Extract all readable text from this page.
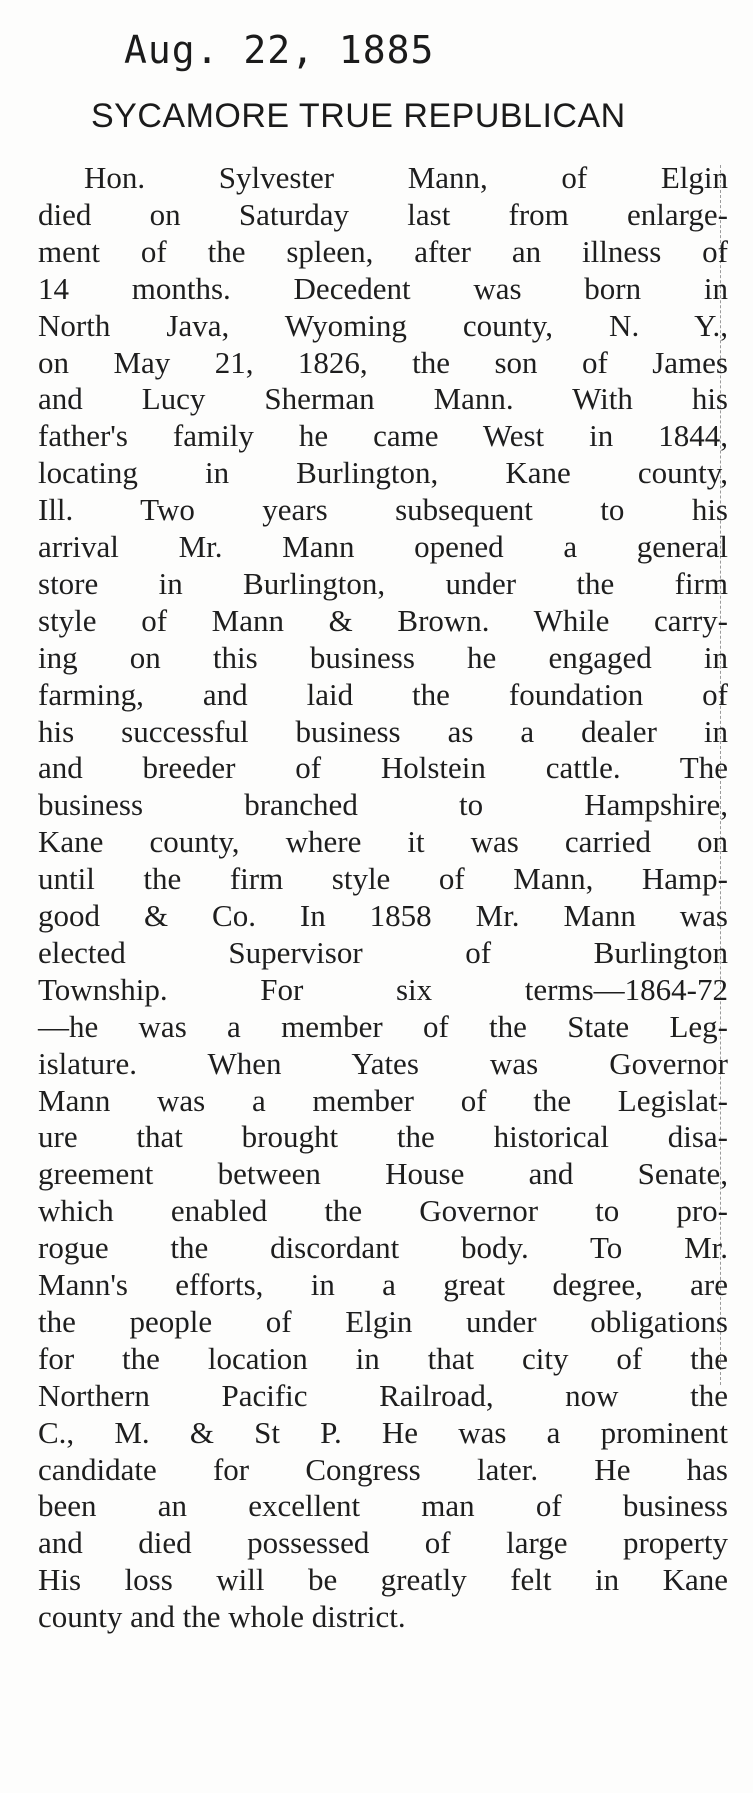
Aug. 22, 1885
SYCAMORE TRUE REPUBLICAN
Hon. Sylvester Mann, of Elgin
died on Saturday last from enlarge-
ment of the spleen, after an illness of
14 months. Decedent was born in
North Java, Wyoming county, N. Y.,
on May 21, 1826, the son of James
and Lucy Sherman Mann. With his
father's family he came West in 1844,
locating in Burlington, Kane county,
Ill. Two years subsequent to his
arrival Mr. Mann opened a general
store in Burlington, under the firm
style of Mann & Brown. While carry-
ing on this business he engaged in
farming, and laid the foundation of
his successful business as a dealer in
and breeder of Holstein cattle. The
business branched to Hampshire,
Kane county, where it was carried on
until the firm style of Mann, Hamp-
good & Co. In 1858 Mr. Mann was
elected Supervisor of Burlington
Township. For six terms—1864-72
—he was a member of the State Leg-
islature. When Yates was Governor
Mann was a member of the Legislat-
ure that brought the historical disa-
greement between House and Senate,
which enabled the Governor to pro-
rogue the discordant body. To Mr.
Mann's efforts, in a great degree, are
the people of Elgin under obligations
for the location in that city of the
Northern Pacific Railroad, now the
C., M. & St P. He was a prominent
candidate for Congress later. He has
been an excellent man of business
and died possessed of large property
His loss will be greatly felt in Kane
county and the whole district.
